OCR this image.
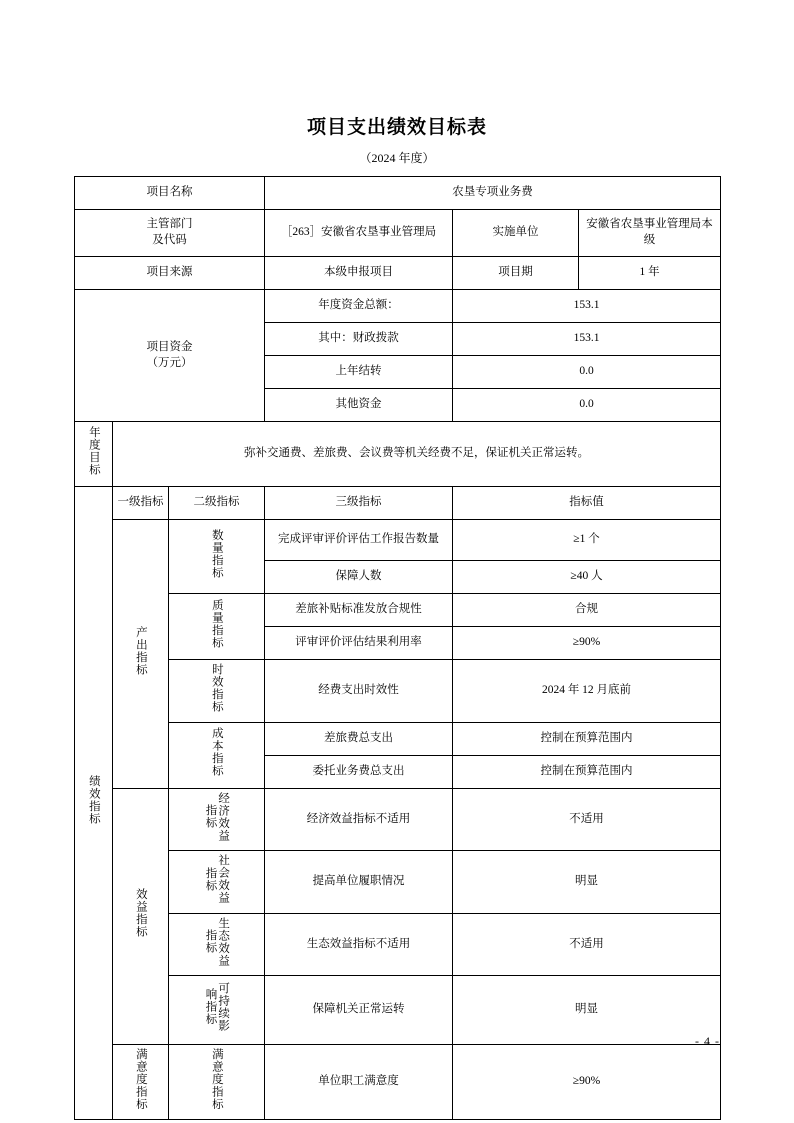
项目支出绩效目标表
（2024 年度）
项目名称			农垦专项业务费		

主管部门
及代码			［263］安徽省农垦事业管理局	实施单位	安徽省农垦事业管理局本级
项目来源			本级申报项目	项目期	1 年

项目资金
（万元）			年度资金总额：	153.1	
			其中：财政拨款	153.1	
			上年结转	0.0	
			其他资金	0.0	
年度目标	弥补交通费、差旅费、会议费等机关经费不足，保证机关正常运转。				
绩效指标	一级指标	二级指标	三级指标	指标值	
	产出指标	数量指标	完成评审评价评估工作报告数量	≥1 个	
			保障人数	≥40 人	
		质量指标	差旅补贴标准发放合规性	合规	
			评审评价评估结果利用率	≥90%	
		时效指标	经费支出时效性	2024 年 12 月底前	
		成本指标	差旅费总支出	控制在预算范围内	
			委托业务费总支出	控制在预算范围内	
	效益指标	经济效益指标	经济效益指标不适用	不适用	
		社会效益指标	提高单位履职情况	明显	
		生态效益指标	生态效益指标不适用	不适用	
		可持续影响指标	保障机关正常运转	明显	
	满意度指标	满意度指标	单位职工满意度	≥90%	
- 4 -
